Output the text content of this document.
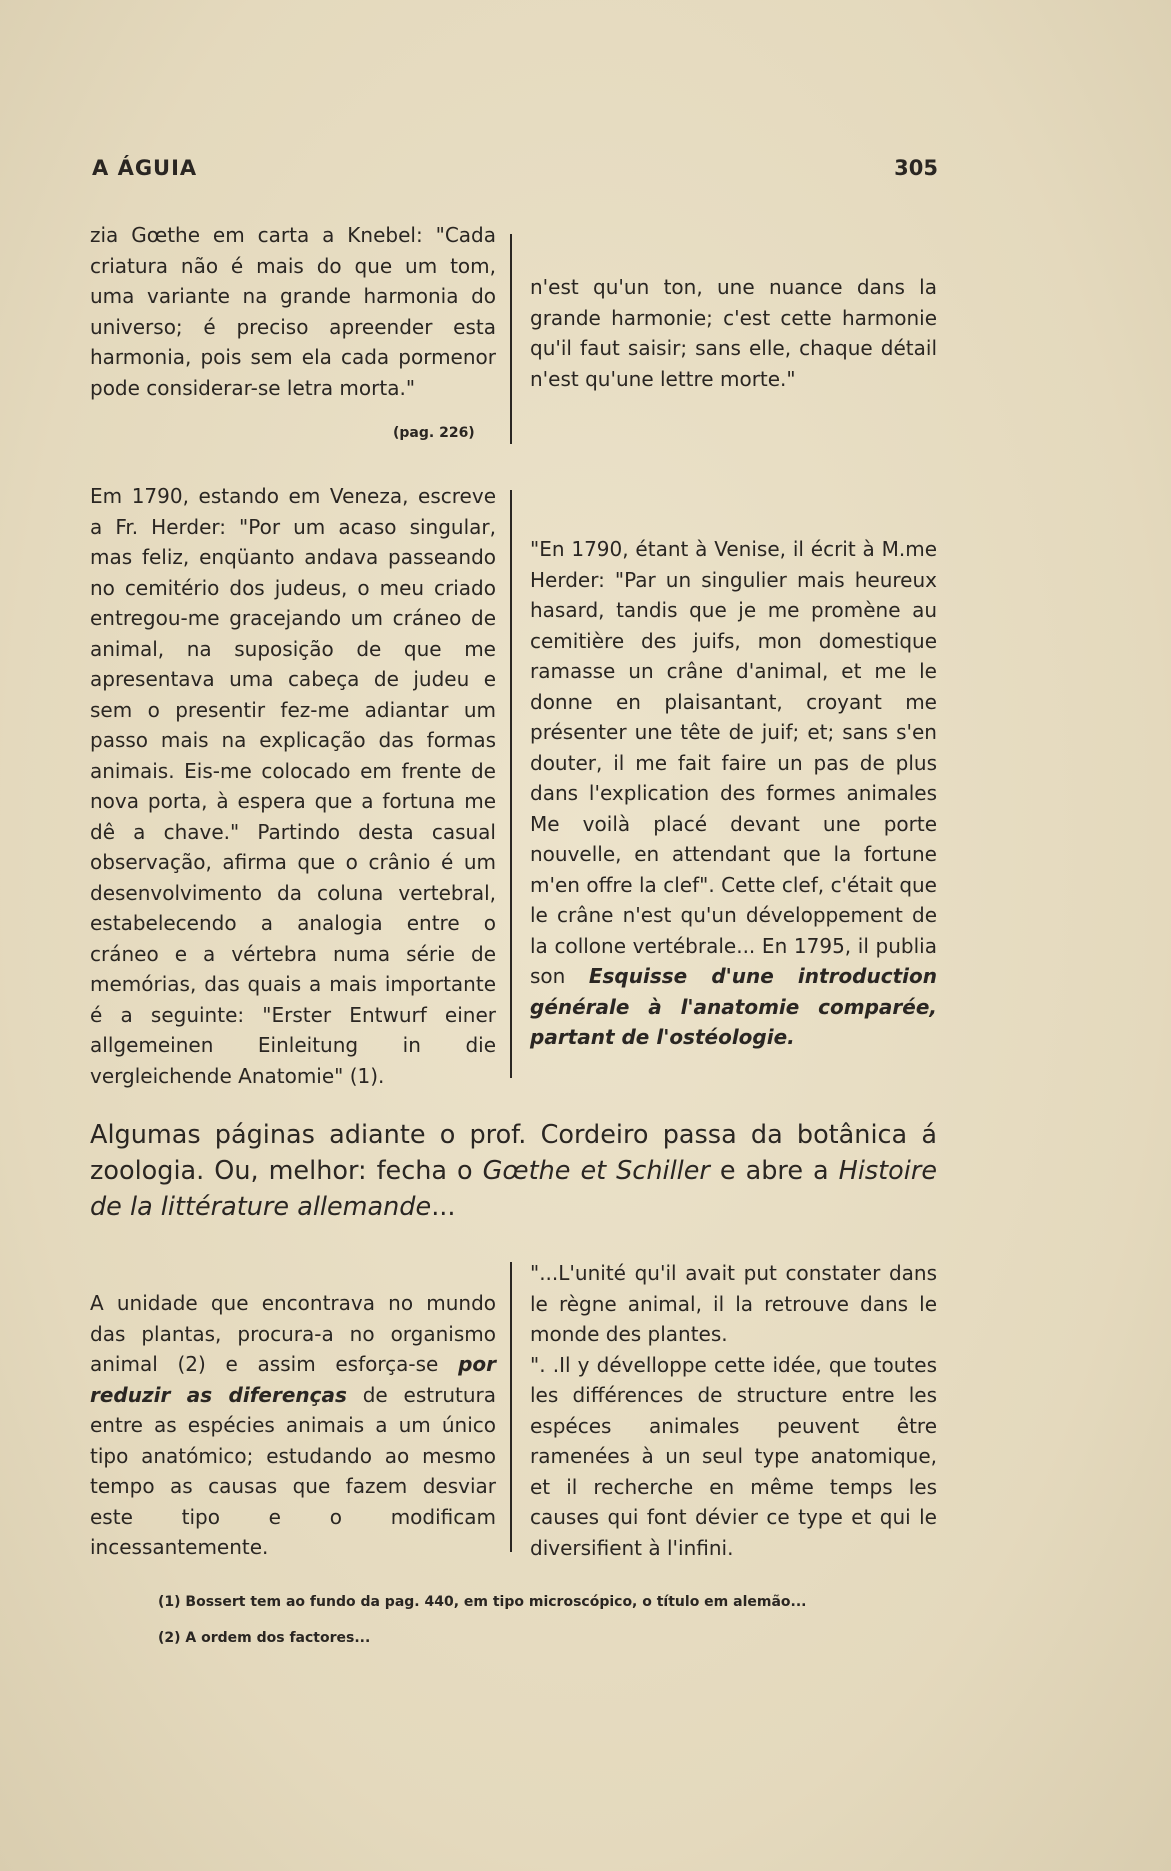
A ÁGUIA	305

zia Gœthe em carta a Knebel: "Cada criatura não é mais do que um tom, uma variante na grande harmonia do universo; é preciso apreender esta harmonia, pois sem ela cada pormenor pode considerar-se letra morta."

(pag. 226)

n'est qu'un ton, une nuance dans la grande harmonie; c'est cette harmonie qu'il faut saisir; sans elle, chaque détail n'est qu'une lettre morte."

Em 1790, estando em Veneza, escreve a Fr. Herder: "Por um acaso singular, mas feliz, enqüanto andava passeando no cemitério dos judeus, o meu criado entregou-me gracejando um cráneo de animal, na suposição de que me apresentava uma cabeça de judeu e sem o presentir fez-me adiantar um passo mais na explicação das formas animais. Eis-me colocado em frente de nova porta, à espera que a fortuna me dê a chave." Partindo desta casual observação, afirma que o crânio é um desenvolvimento da coluna vertebral, estabelecendo a analogia entre o cráneo e a vértebra numa série de memórias, das quais a mais importante é a seguinte: "Erster Entwurf einer allgemeinen Einleitung in die vergleichende Anatomie" (1).

"En 1790, étant à Venise, il écrit à M.me Herder: "Par un singulier mais heureux hasard, tandis que je me promène au cemitière des juifs, mon domestique ramasse un crâne d'animal, et me le donne en plaisantant, croyant me présenter une tête de juif; et; sans s'en douter, il me fait faire un pas de plus dans l'explication des formes animales Me voilà placé devant une porte nouvelle, en attendant que la fortune m'en offre la clef". Cette clef, c'était que le crâne n'est qu'un développement de la collone vertébrale... En 1795, il publia son Esquisse d'une introduction générale à l'anatomie comparée, partant de l'ostéologie.

Algumas páginas adiante o prof. Cordeiro passa da botânica á zoologia. Ou, melhor: fecha o Gœthe et Schiller e abre a Histoire de la littérature allemande...

A unidade que encontrava no mundo das plantas, procura-a no organismo animal (2) e assim esforça-se por reduzir as diferenças de estrutura entre as espécies animais a um único tipo anatómico; estudando ao mesmo tempo as causas que fazem desviar este tipo e o modificam incessantemente.

"...L'unité qu'il avait put constater dans le règne animal, il la retrouve dans le monde des plantes.

". .Il y dévelloppe cette idée, que toutes les différences de structure entre les espéces animales peuvent être ramenées à un seul type anatomique, et il recherche en même temps les causes qui font dévier ce type et qui le diversifient à l'infini.

(1) Bossert tem ao fundo da pag. 440, em tipo microscópico, o título em alemão...
(2) A ordem dos factores...
